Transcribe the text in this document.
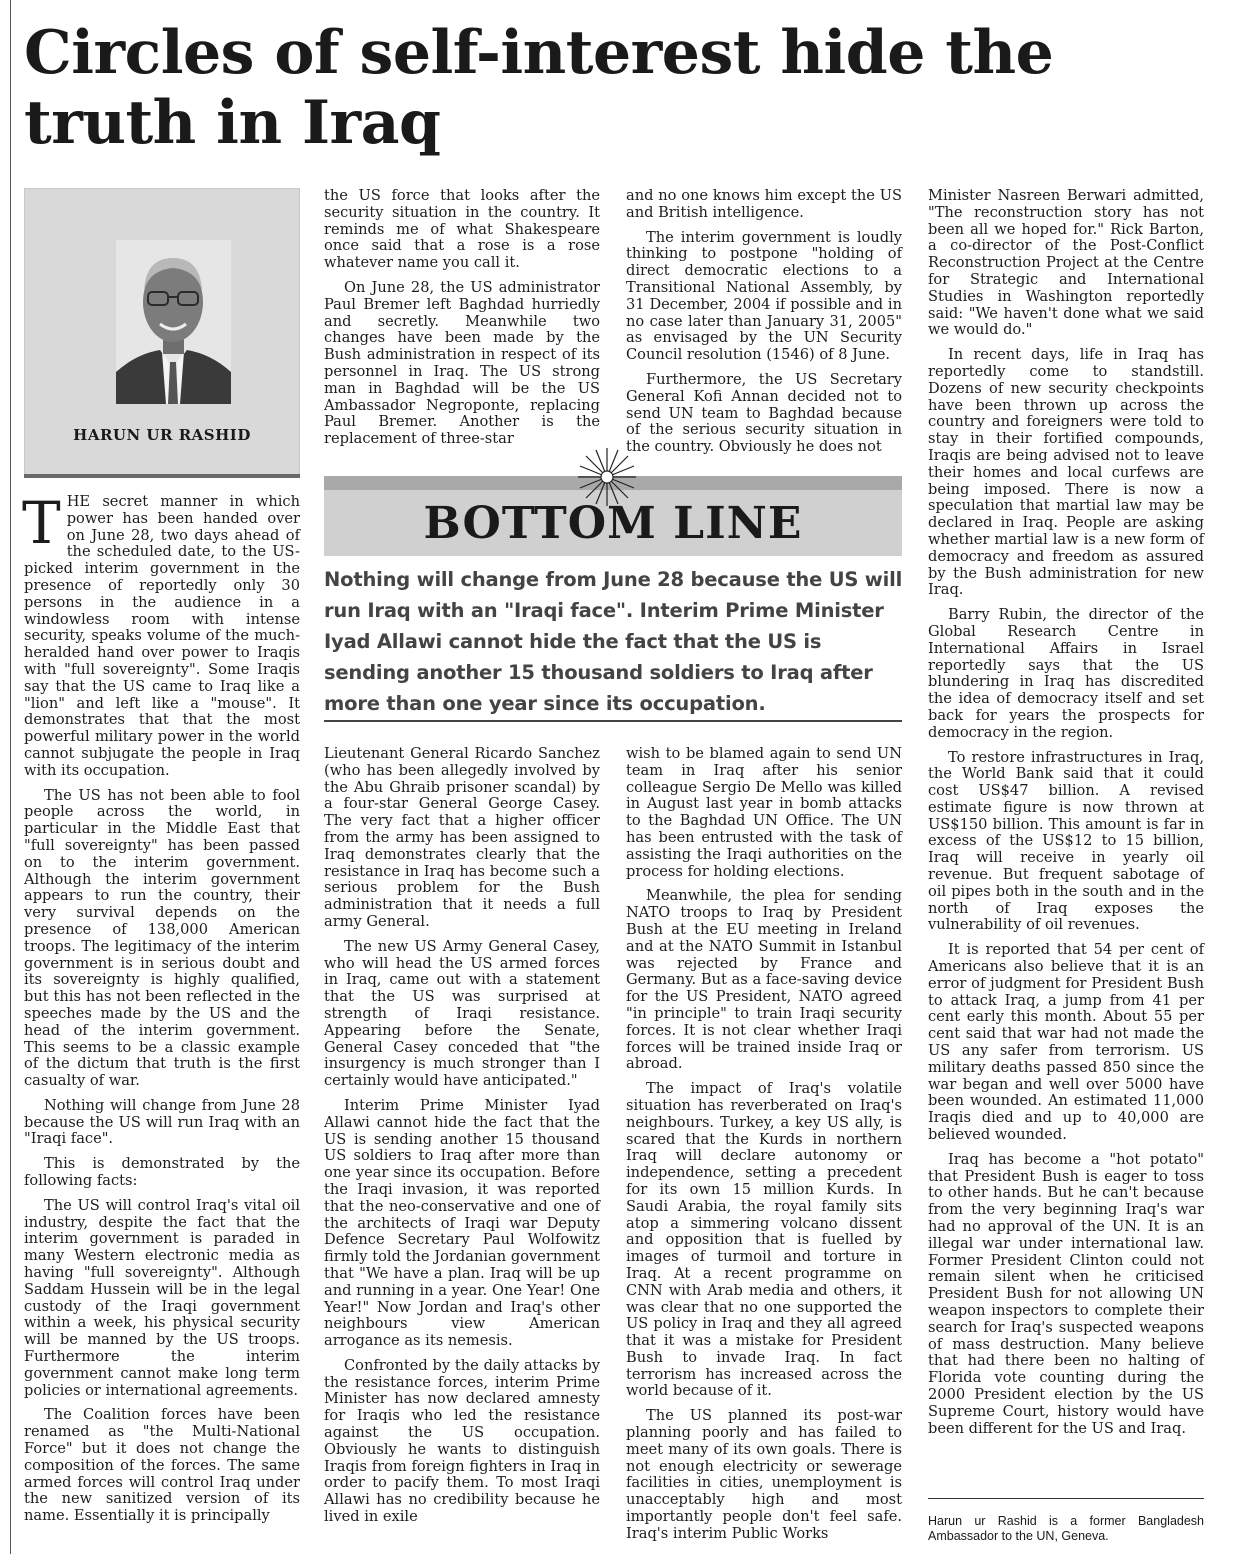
Circles of self-interest hide the truth in Iraq
HARUN UR RASHID

THE secret manner in which power has been handed over on June 28, two days ahead of the scheduled date, to the US-picked interim government in the presence of reportedly only 30 persons in the audience in a windowless room with intense security, speaks volume of the much-heralded hand over power to Iraqis with "full sovereignty". Some Iraqis say that the US came to Iraq like a "lion" and left like a "mouse". It demonstrates that that the most powerful military power in the world cannot subjugate the people in Iraq with its occupation.

The US has not been able to fool people across the world, in particular in the Middle East that "full sovereignty" has been passed on to the interim government. Although the interim government appears to run the country, their very survival depends on the presence of 138,000 American troops. The legitimacy of the interim government is in serious doubt and its sovereignty is highly qualified, but this has not been reflected in the speeches made by the US and the head of the interim government. This seems to be a classic example of the dictum that truth is the first casualty of war.

Nothing will change from June 28 because the US will run Iraq with an "Iraqi face".

This is demonstrated by the following facts:

The US will control Iraq's vital oil industry, despite the fact that the interim government is paraded in many Western electronic media as having "full sovereignty". Although Saddam Hussein will be in the legal custody of the Iraqi government within a week, his physical security will be manned by the US troops. Furthermore the interim government cannot make long term policies or international agreements.

The Coalition forces have been renamed as "the Multi-National Force" but it does not change the composition of the forces. The same armed forces will control Iraq under the new sanitized version of its name. Essentially it is principally

the US force that looks after the security situation in the country. It reminds me of what Shakespeare once said that a rose is a rose whatever name you call it.

On June 28, the US administrator Paul Bremer left Baghdad hurriedly and secretly. Meanwhile two changes have been made by the Bush administration in respect of its personnel in Iraq. The US strong man in Baghdad will be the US Ambassador Negroponte, replacing Paul Bremer. Another is the replacement of three-star

and no one knows him except the US and British intelligence.

The interim government is loudly thinking to postpone "holding of direct democratic elections to a Transitional National Assembly, by 31 December, 2004 if possible and in no case later than January 31, 2005" as envisaged by the UN Security Council resolution (1546) of 8 June.

Furthermore, the US Secretary General Kofi Annan decided not to send UN team to Baghdad because of the serious security situation in the country. Obviously he does not

BOTTOM LINE

Nothing will change from June 28 because the US will run Iraq with an "Iraqi face". Interim Prime Minister Iyad Allawi cannot hide the fact that the US is sending another 15 thousand soldiers to Iraq after more than one year since its occupation.

Lieutenant General Ricardo Sanchez (who has been allegedly involved by the Abu Ghraib prisoner scandal) by a four-star General George Casey. The very fact that a higher officer from the army has been assigned to Iraq demonstrates clearly that the resistance in Iraq has become such a serious problem for the Bush administration that it needs a full army General.

The new US Army General Casey, who will head the US armed forces in Iraq, came out with a statement that the US was surprised at strength of Iraqi resistance. Appearing before the Senate, General Casey conceded that "the insurgency is much stronger than I certainly would have anticipated."

Interim Prime Minister Iyad Allawi cannot hide the fact that the US is sending another 15 thousand US soldiers to Iraq after more than one year since its occupation. Before the Iraqi invasion, it was reported that the neo-conservative and one of the architects of Iraqi war Deputy Defence Secretary Paul Wolfowitz firmly told the Jordanian government that "We have a plan. Iraq will be up and running in a year. One Year! One Year!" Now Jordan and Iraq's other neighbours view American arrogance as its nemesis.

Confronted by the daily attacks by the resistance forces, interim Prime Minister has now declared amnesty for Iraqis who led the resistance against the US occupation. Obviously he wants to distinguish Iraqis from foreign fighters in Iraq in order to pacify them. To most Iraqi Allawi has no credibility because he lived in exile

wish to be blamed again to send UN team in Iraq after his senior colleague Sergio De Mello was killed in August last year in bomb attacks to the Baghdad UN Office. The UN has been entrusted with the task of assisting the Iraqi authorities on the process for holding elections.

Meanwhile, the plea for sending NATO troops to Iraq by President Bush at the EU meeting in Ireland and at the NATO Summit in Istanbul was rejected by France and Germany. But as a face-saving device for the US President, NATO agreed "in principle" to train Iraqi security forces. It is not clear whether Iraqi forces will be trained inside Iraq or abroad.

The impact of Iraq's volatile situation has reverberated on Iraq's neighbours. Turkey, a key US ally, is scared that the Kurds in northern Iraq will declare autonomy or independence, setting a precedent for its own 15 million Kurds. In Saudi Arabia, the royal family sits atop a simmering volcano dissent and opposition that is fuelled by images of turmoil and torture in Iraq. At a recent programme on CNN with Arab media and others, it was clear that no one supported the US policy in Iraq and they all agreed that it was a mistake for President Bush to invade Iraq. In fact terrorism has increased across the world because of it.

The US planned its post-war planning poorly and has failed to meet many of its own goals. There is not enough electricity or sewerage facilities in cities, unemployment is unacceptably high and most importantly people don't feel safe. Iraq's interim Public Works

Minister Nasreen Berwari admitted, "The reconstruction story has not been all we hoped for." Rick Barton, a co-director of the Post-Conflict Reconstruction Project at the Centre for Strategic and International Studies in Washington reportedly said: "We haven't done what we said we would do."

In recent days, life in Iraq has reportedly come to standstill. Dozens of new security checkpoints have been thrown up across the country and foreigners were told to stay in their fortified compounds, Iraqis are being advised not to leave their homes and local curfews are being imposed. There is now a speculation that martial law may be declared in Iraq. People are asking whether martial law is a new form of democracy and freedom as assured by the Bush administration for new Iraq.

Barry Rubin, the director of the Global Research Centre in International Affairs in Israel reportedly says that the US blundering in Iraq has discredited the idea of democracy itself and set back for years the prospects for democracy in the region.

To restore infrastructures in Iraq, the World Bank said that it could cost US$47 billion. A revised estimate figure is now thrown at US$150 billion. This amount is far in excess of the US$12 to 15 billion, Iraq will receive in yearly oil revenue. But frequent sabotage of oil pipes both in the south and in the north of Iraq exposes the vulnerability of oil revenues.

It is reported that 54 per cent of Americans also believe that it is an error of judgment for President Bush to attack Iraq, a jump from 41 per cent early this month. About 55 per cent said that war had not made the US any safer from terrorism. US military deaths passed 850 since the war began and well over 5000 have been wounded. An estimated 11,000 Iraqis died and up to 40,000 are believed wounded.

Iraq has become a "hot potato" that President Bush is eager to toss to other hands. But he can't because from the very beginning Iraq's war had no approval of the UN. It is an illegal war under international law. Former President Clinton could not remain silent when he criticised President Bush for not allowing UN weapon inspectors to complete their search for Iraq's suspected weapons of mass destruction. Many believe that had there been no halting of Florida vote counting during the 2000 President election by the US Supreme Court, history would have been different for the US and Iraq.

Harun ur Rashid is a former Bangladesh Ambassador to the UN, Geneva.
